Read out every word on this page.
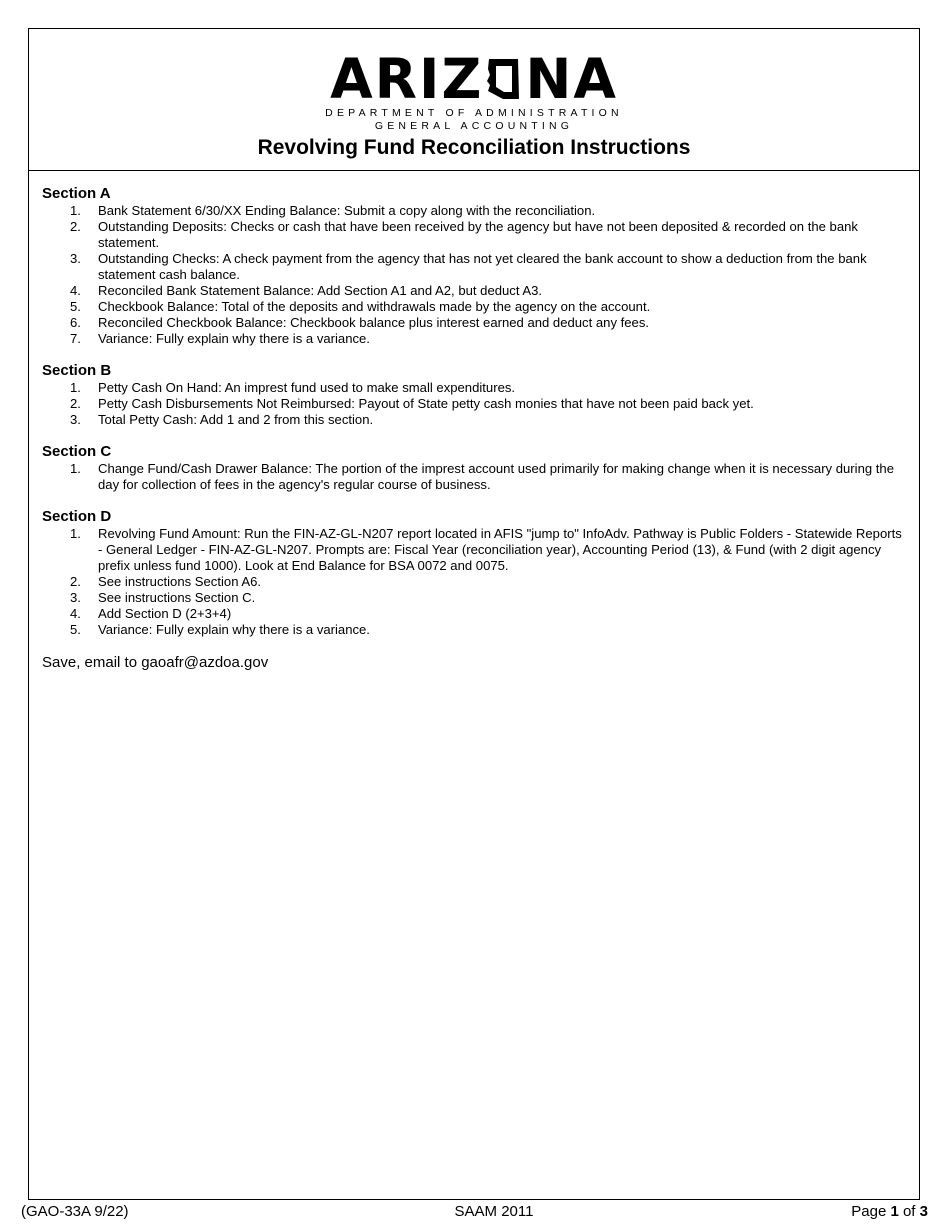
ARIZ NA
DEPARTMENT OF ADMINISTRATION
GENERAL ACCOUNTING
Revolving Fund Reconciliation Instructions
Section A
1. Bank Statement 6/30/XX Ending Balance: Submit a copy along with the reconciliation.
2. Outstanding Deposits: Checks or cash that have been received by the agency but have not been deposited & recorded on the bank statement.
3. Outstanding Checks: A check payment from the agency that has not yet cleared the bank account to show a deduction from the bank statement cash balance.
4. Reconciled Bank Statement Balance: Add Section A1 and A2, but deduct A3.
5. Checkbook Balance: Total of the deposits and withdrawals made by the agency on the account.
6. Reconciled Checkbook Balance: Checkbook balance plus interest earned and deduct any fees.
7. Variance: Fully explain why there is a variance.
Section B
1. Petty Cash On Hand: An imprest fund used to make small expenditures.
2. Petty Cash Disbursements Not Reimbursed: Payout of State petty cash monies that have not been paid back yet.
3. Total Petty Cash: Add 1 and 2 from this section.
Section C
1. Change Fund/Cash Drawer Balance: The portion of the imprest account used primarily for making change when it is necessary during the day for collection of fees in the agency's regular course of business.
Section D
1. Revolving Fund Amount: Run the FIN-AZ-GL-N207 report located in AFIS "jump to" InfoAdv. Pathway is Public Folders - Statewide Reports - General Ledger - FIN-AZ-GL-N207. Prompts are: Fiscal Year (reconciliation year), Accounting Period (13), & Fund (with 2 digit agency prefix unless fund 1000). Look at End Balance for BSA 0072 and 0075.
2. See instructions Section A6.
3. See instructions Section C.
4. Add Section D (2+3+4)
5. Variance: Fully explain why there is a variance.
Save, email to gaoafr@azdoa.gov
(GAO-33A 9/22)	SAAM 2011	Page 1 of 3
